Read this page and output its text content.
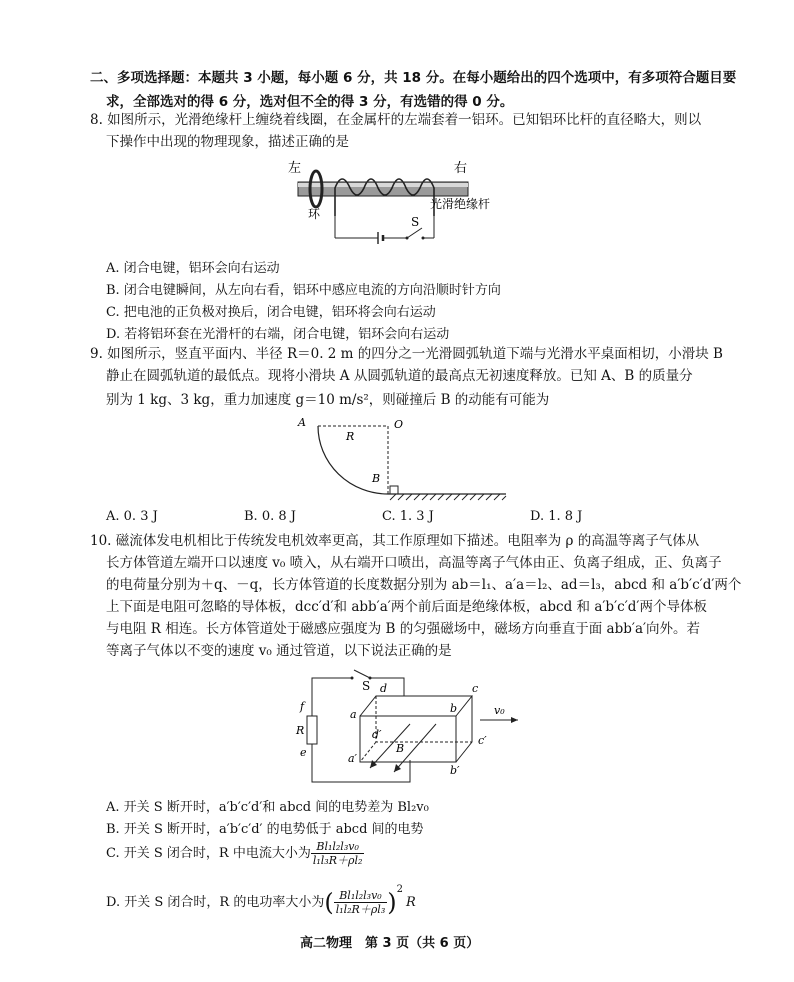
二、多项选择题：本题共 3 小题，每小题 6 分，共 18 分。在每小题给出的四个选项中，有多项符合题目要
求，全部选对的得 6 分，选对但不全的得 3 分，有选错的得 0 分。
8. 如图所示，光滑绝缘杆上缠绕着线圈，在金属杆的左端套着一铝环。已知铝环比杆的直径略大，则以
下操作中出现的物理现象，描述正确的是
左	右
环
光滑绝缘杆
S
A. 闭合电键，铝环会向右运动
B. 闭合电键瞬间，从左向右看，铝环中感应电流的方向沿顺时针方向
C. 把电池的正负极对换后，闭合电键，铝环将会向右运动
D. 若将铝环套在光滑杆的右端，闭合电键，铝环会向右运动
9. 如图所示，竖直平面内、半径 R＝0. 2 m 的四分之一光滑圆弧轨道下端与光滑水平桌面相切，小滑块 B
静止在圆弧轨道的最低点。现将小滑块 A 从圆弧轨道的最高点无初速度释放。已知 A、B 的质量分
别为 1 kg、3 kg，重力加速度 g＝10 m/s²，则碰撞后 B 的动能有可能为
A	O
R
B
A. 0. 3 J	B. 0. 8 J	C. 1. 3 J	D. 1. 8 J
10. 磁流体发电机相比于传统发电机效率更高，其工作原理如下描述。电阻率为 ρ 的高温等离子气体从
长方体管道左端开口以速度 v₀ 喷入，从右端开口喷出，高温等离子气体由正、负离子组成，正、负离子
的电荷量分别为＋q、－q，长方体管道的长度数据分别为 ab＝l₁、a′a＝l₂、ad＝l₃，abcd 和 a′b′c′d′两个
上下面是电阻可忽略的导体板，dcc′d′和 abb′a′两个前后面是绝缘体板，abcd 和 a′b′c′d′两个导体板
与电阻 R 相连。长方体管道处于磁感应强度为 B 的匀强磁场中，磁场方向垂直于面 abb′a′向外。若
等离子气体以不变的速度 v₀ 通过管道，以下说法正确的是
S
f
R
e
v₀
d	c
a	b
d′	c′
a′
B
b′
A. 开关 S 断开时，a′b′c′d′和 abcd 间的电势差为 Bl₂v₀
B. 开关 S 断开时，a′b′c′d′ 的电势低于 abcd 间的电势
C. 开关 S 闭合时，R 中电流大小为 $\frac{\text{Bl₁l₂l₃v₀}}{\text{l₁l₃R＋ρl₂}}$
D. 开关 S 闭合时，R 的电功率大小为( $\frac{\text{Bl₁l₂l₃v₀}}{\text{l₁l₂R＋ρl₃}} )^2R$
高二物理　第 3 页（共 6 页）
